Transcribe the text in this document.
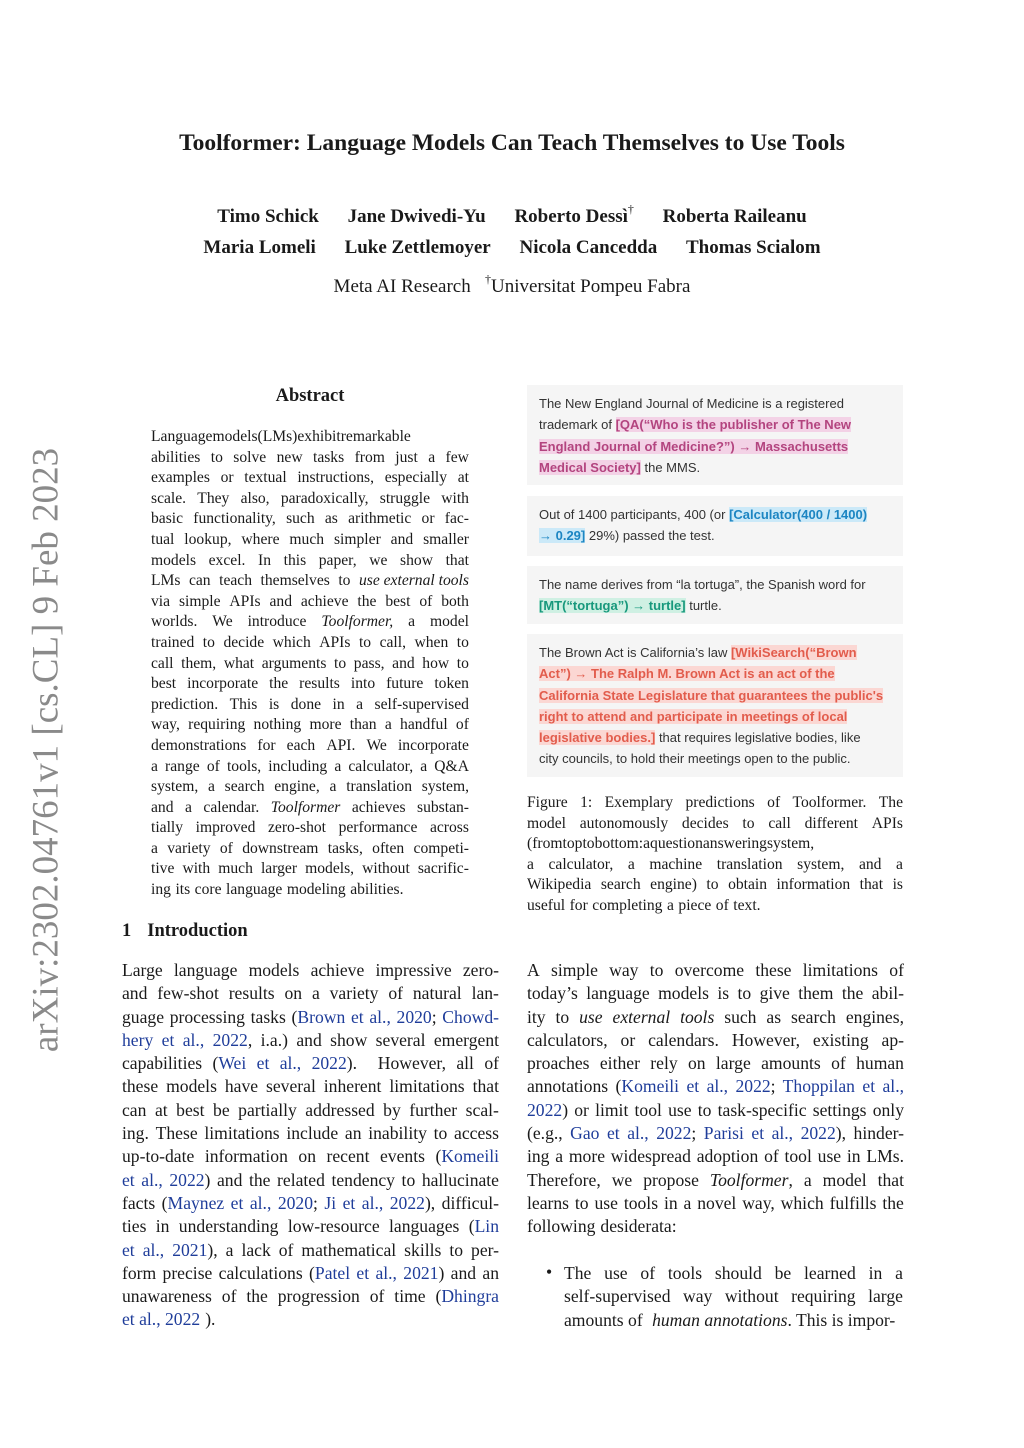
Toolformer: Language Models Can Teach Themselves to Use Tools
Timo Schick Jane Dwivedi-Yu Roberto Dessì† Roberta Raileanu
Maria Lomeli Luke Zettlemoyer Nicola Cancedda Thomas Scialom
Meta AI Research †Universitat Pompeu Fabra
arXiv:2302.04761v1 [cs.CL] 9 Feb 2023
Abstract
Languagemodels(LMs)exhibitremarkable
abilities to solve new tasks from just a few
examples or textual instructions, especially at
scale. They also, paradoxically, struggle with
basic functionality, such as arithmetic or fac-
tual lookup, where much simpler and smaller
models excel. In this paper, we show that
LMs can teach themselves to use external tools
via simple APIs and achieve the best of both
worlds. We introduce Toolformer, a model
trained to decide which APIs to call, when to
call them, what arguments to pass, and how to
best incorporate the results into future token
prediction. This is done in a self-supervised
way, requiring nothing more than a handful of
demonstrations for each API. We incorporate
a range of tools, including a calculator, a Q&A
system, a search engine, a translation system,
and a calendar. Toolformer achieves substan-
tially improved zero-shot performance across
a variety of downstream tasks, often competi-
tive with much larger models, without sacrific-
ing its core language modeling abilities.
1 Introduction
Large language models achieve impressive zero-
and few-shot results on a variety of natural lan-
guage processing tasks (Brown et al., 2020; Chowd-
hery et al., 2022, i.a.) and show several emergent
capabilities (Wei et al., 2022).  However, all of
these models have several inherent limitations that
can at best be partially addressed by further scal-
ing. These limitations include an inability to access
up-to-date information on recent events (Komeili
et al., 2022) and the related tendency to hallucinate
facts (Maynez et al., 2020; Ji et al., 2022), difficul-
ties in understanding low-resource languages (Lin
et al., 2021), a lack of mathematical skills to per-
form precise calculations (Patel et al., 2021) and an
unawareness of the progression of time (Dhingra
et al., 2022 ).
The New England Journal of Medicine is a registered
trademark of [QA(“Who is the publisher of The New
England Journal of Medicine?”) → Massachusetts
Medical Society] the MMS.
Out of 1400 participants, 400 (or [Calculator(400 / 1400)
→ 0.29] 29%) passed the test.
The name derives from “la tortuga”, the Spanish word for
[MT(“tortuga”) → turtle] turtle.
The Brown Act is California’s law [WikiSearch(“Brown
Act”) → The Ralph M. Brown Act is an act of the
California State Legislature that guarantees the public's
right to attend and participate in meetings of local
legislative bodies.] that requires legislative bodies, like
city councils, to hold their meetings open to the public.
Figure 1: Exemplary predictions of Toolformer. The
model autonomously decides to call different APIs
(fromtoptobottom:aquestionansweringsystem,
a calculator, a machine translation system, and a
Wikipedia search engine) to obtain information that is
useful for completing a piece of text.
A simple way to overcome these limitations of
today’s language models is to give them the abil-
ity to use external tools such as search engines,
calculators, or calendars. However, existing ap-
proaches either rely on large amounts of human
annotations (Komeili et al., 2022; Thoppilan et al.,
2022) or limit tool use to task-specific settings only
(e.g., Gao et al., 2022; Parisi et al., 2022), hinder-
ing a more widespread adoption of tool use in LMs.
Therefore, we propose Toolformer, a model that
learns to use tools in a novel way, which fulfills the
following desiderata:
• The use of tools should be learned in a
self-supervised way without requiring large
amounts of human annotations. This is impor-
